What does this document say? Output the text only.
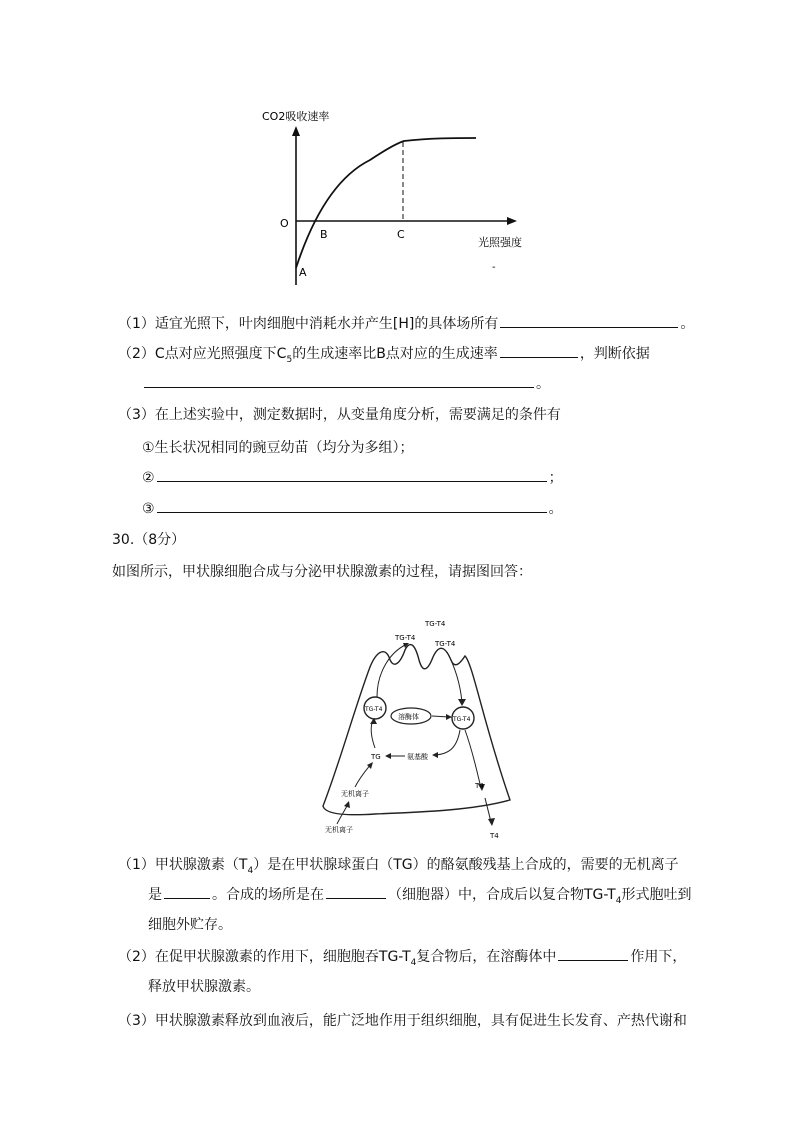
CO2吸收速率
O
B	C
A
光照强度
-
（1）适宜光照下，叶肉细胞中消耗水并产生[H]的具体场所有	。
（2）C点对应光照强度下$C_5$的生成速率比B点对应的生成速率	，判断依据
。
（3）在上述实验中，测定数据时，从变量角度分析，需要满足的条件有
①生长状况相同的豌豆幼苗（均分为多组）；
②	；
③	。
30.（8分）
如图所示，甲状腺细胞合成与分泌甲状腺激素的过程，请据图回答：
TG-T4
TG-T4
TG-T4
TG-T4
TG-T4
溶酶体
氨基酸
TG
T4
T4
无机离子
无机离子
（1）甲状腺激素$(T_4)$是在甲状腺球蛋白（TG）的酪氨酸残基上合成的，需要的无机离子
是	。合成的场所是在	（细胞器）中，合成后以复合物$TG-T_4$形式胞吐到
细胞外贮存。
（2）在促甲状腺激素的作用下，细胞胞吞$TG-T_4$复合物后，在溶酶体中	作用下，
释放甲状腺激素。
（3）甲状腺激素释放到血液后，能广泛地作用于组织细胞，具有促进生长发育、产热代谢和
